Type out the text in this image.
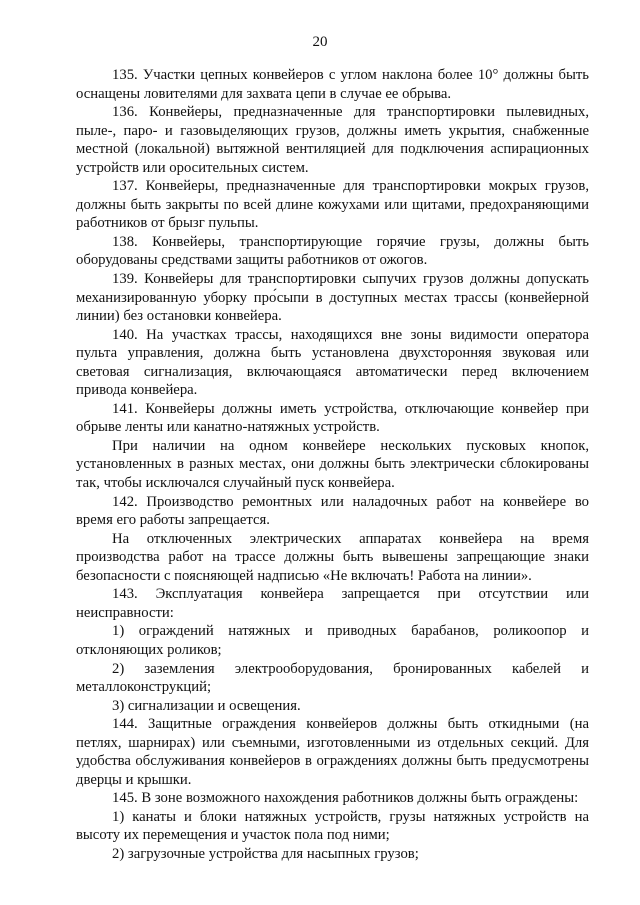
20

135. Участки цепных конвейеров с углом наклона более 10° должны быть оснащены ловителями для захвата цепи в случае ее обрыва.

136. Конвейеры, предназначенные для транспортировки пылевидных, пыле-, паро- и газовыделяющих грузов, должны иметь укрытия, снабженные местной (локальной) вытяжной вентиляцией для подключения аспирационных устройств или оросительных систем.

137. Конвейеры, предназначенные для транспортировки мокрых грузов, должны быть закрыты по всей длине кожухами или щитами, предохраняющими работников от брызг пульпы.

138. Конвейеры, транспортирующие горячие грузы, должны быть оборудованы средствами защиты работников от ожогов.

139. Конвейеры для транспортировки сыпучих грузов должны допускать механизированную уборку про́сыпи в доступных местах трассы (конвейерной линии) без остановки конвейера.

140. На участках трассы, находящихся вне зоны видимости оператора пульта управления, должна быть установлена двухсторонняя звуковая или световая сигнализация, включающаяся автоматически перед включением привода конвейера.

141. Конвейеры должны иметь устройства, отключающие конвейер при обрыве ленты или канатно-натяжных устройств.

При наличии на одном конвейере нескольких пусковых кнопок, установленных в разных местах, они должны быть электрически сблокированы так, чтобы исключался случайный пуск конвейера.

142. Производство ремонтных или наладочных работ на конвейере во время его работы запрещается.

На отключенных электрических аппаратах конвейера на время производства работ на трассе должны быть вывешены запрещающие знаки безопасности с поясняющей надписью «Не включать! Работа на линии».

143. Эксплуатация конвейера запрещается при отсутствии или неисправности:

1) ограждений натяжных и приводных барабанов, роликоопор и отклоняющих роликов;

2) заземления электрооборудования, бронированных кабелей и металлоконструкций;

3) сигнализации и освещения.

144. Защитные ограждения конвейеров должны быть откидными (на петлях, шарнирах) или съемными, изготовленными из отдельных секций. Для удобства обслуживания конвейеров в ограждениях должны быть предусмотрены дверцы и крышки.

145. В зоне возможного нахождения работников должны быть ограждены:

1) канаты и блоки натяжных устройств, грузы натяжных устройств на высоту их перемещения и участок пола под ними;

2) загрузочные устройства для насыпных грузов;
